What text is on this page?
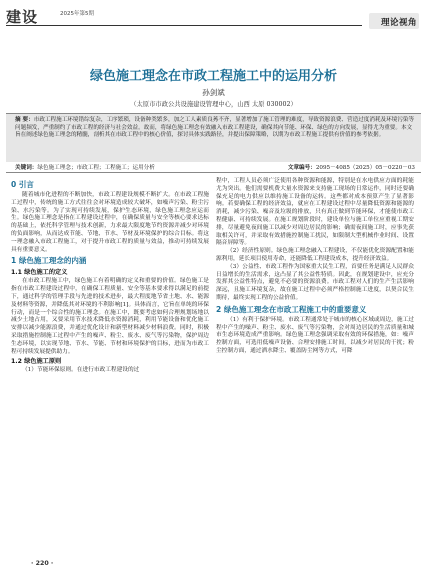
建设	2025年第5期
理论视角
绿色施工理念在市政工程施工中的运用分析
孙剑斌
（太原市市政公共设施建设管理中心，山西 太原 030002）

摘 要：市政工程施工环境错综复杂，工序繁琐，设备种类繁多，加之工人素质良莠不齐，显著增加了施工管理的难度，导致资源浪费、营造过度消耗及环境污染等问题频发，严重制约了市政工程的经济与社会效益。故而，将绿色施工理念有效融入市政工程建设，确保其向节能、环保、绿色的方向发展，显得尤为重要。本文旨在阐述绿色施工理念的精髓，剖析其在市政工程中的核心价值，探讨具体实践路径，并提出保障策略，以期为市政工程施工提供有价值的参考依据。

关键词：绿色施工理念；市政工程；工程施工；运用分析	文章编号：2095－4085（2025）05－0220－03
0 引言

随着城市化进程的不断加快，市政工程建设规模不断扩大。在市政工程施工过程中，传统的施工方式往往会对环境造成较大破坏，如噪声污染、粉尘污染、水污染等。为了实现可持续发展，保护生态环境，绿色施工理念应运而生。绿色施工理念是指在工程建设过程中，在确保质量与安全等核心要求达标的基础上，依托科学管理与技术创新，力求最大限度地节约资源并减少对环境的负面影响，从而达成节能、节地、节水、节材及环境保护的综合目标。将这一理念融入市政工程施工，对于提升市政工程的质量与效益，推动可持续发展具有重要意义。

1 绿色施工理念的内涵
1.1 绿色施工的定义

在市政工程施工中，绿色施工有着明确的定义和重要的价值。绿色施工是指在市政工程建设过程中，在确保工程质量、安全等基本要求得以满足的前提下，通过科学的管理手段与先进的技术进步，最大程度地节省土地、水、能源及材料等资源，并降低其对环境的不利影响[1]。具体而言，它旨在单纯的环保行动，而是一个综合性的施工理念。在施工中，既要考虑如何合理规划场地以减少土地占用，又要采用节水技术降低水资源消耗，利用节能设备和优化施工安排以减少能源浪费，并通过优化设计和新型材料减少材料浪费。同时，积极采取措施控制施工过程中产生的噪声、粉尘、废水、废气等污染物，保护周边生态环境，以实现节地、节水、节能、节材和环境保护的目标，进而为市政工程可持续发展提供助力。

1.2 绿色施工原则

（1）节能环保原则。在进行市政工程建设的过

程中，工程人员必须广泛使用各种资源和能源，特别是在水电供应方面的耗能尤为突出。他们需要机费大量水资源来支持施工现场的日常运作，同时还要确保充足的电力供应以维持施工设备的运转。这些都对成本预算产生了显著影响。若要确保工程的经济效益，就应在工程建设过程中尽量降低资源和能源的消耗，减少污染、噪音及垃圾的排放，只有真正做到节能环保，才能使市政工程健康、可持续发展。在施工规划阶段时，建设单位与施工单位应重视工期安排，尽量避免夜间施工以减少对周边居民的影响；确需夜间施工时，应事先获取相关许可，并采取有效措施控制施工扰民，如限制大型机械作业时间、设置隔音屏障等。

（2）经济性原则。绿色施工理念融入工程建设，不仅能优化资源配置和能源利用，延长项目使用寿命，还能降低工程建设成本，提升经济效益。

（3）公益性、市政工程作为国家重大民生工程，首要任务是满足人民群众日益增长的生活需求，这凸显了其公益性特质。因此，在规划建设中，应充分发挥其公益性特点，避免不必要的资源浪费。市政工程对人们的生产生活影响深远，且施工环境复杂，故在施工过程中必须严格控制施工进度，以契合民生期待，最终实现工程的公益价值。

2 绿色施工理念在市政工程施工中的重要意义

（1）有利于保护环境。市政工程通常处于城市的核心区域或周边，施工过程中产生的噪声、粉尘、废水、废气等污染物，会对周边居民的生活质量和城市生态环境造成严重影响。绿色施工理念强调采取有效的环保措施，如：噪声控制方面，可选用低噪声设备、合理安排施工时间，以减少对居民的干扰；粉尘控制方面，通过洒水降尘、覆盖防尘网等方式，可降

· 220 ·
